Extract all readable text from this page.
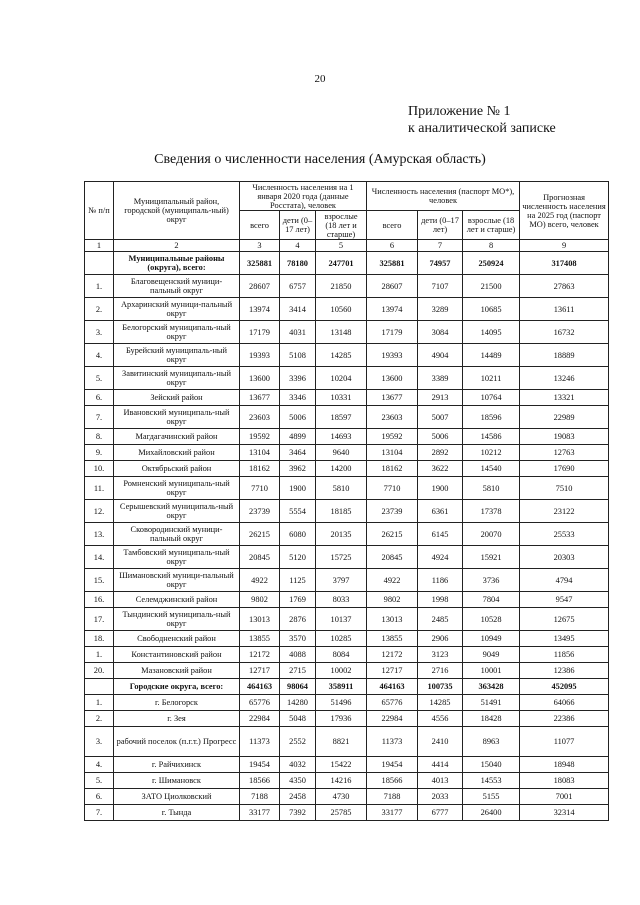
20
Приложение № 1
к аналитической записке
Сведения о численности населения (Амурская область)
№ п/п	Муниципальный район, городской (муниципаль-ный) округ	Численность населения на 1 января 2020 года (данные Росстата), человек			Численность населения (паспорт МО*), человек			Прогнозная численность населения на 2025 год (паспорт МО) всего, человек
		всего	дети (0–17 лет)	взрослые (18 лет и старше)	всего	дети (0–17 лет)	взрослые (18 лет и старше)	
1	2	3	4	5	6	7	8	9
	Муниципальные районы (округа), всего:	325881	78180	247701	325881	74957	250924	317408
1.	Благовещенский муници-пальный округ	28607	6757	21850	28607	7107	21500	27863
2.	Архаринский муници-пальный округ	13974	3414	10560	13974	3289	10685	13611
3.	Белогорский муниципаль-ный округ	17179	4031	13148	17179	3084	14095	16732
4.	Бурейский муниципаль-ный округ	19393	5108	14285	19393	4904	14489	18889
5.	Завитинский муниципаль-ный округ	13600	3396	10204	13600	3389	10211	13246
6.	Зейский район	13677	3346	10331	13677	2913	10764	13321
7.	Ивановский муниципаль-ный округ	23603	5006	18597	23603	5007	18596	22989
8.	Магдагачинский район	19592	4899	14693	19592	5006	14586	19083
9.	Михайловский район	13104	3464	9640	13104	2892	10212	12763
10.	Октябрьский район	18162	3962	14200	18162	3622	14540	17690
11.	Ромненский муниципаль-ный округ	7710	1900	5810	7710	1900	5810	7510
12.	Серышевский муниципаль-ный округ	23739	5554	18185	23739	6361	17378	23122
13.	Сковородинский муници-пальный округ	26215	6080	20135	26215	6145	20070	25533
14.	Тамбовский муниципаль-ный округ	20845	5120	15725	20845	4924	15921	20303
15.	Шимановский муници-пальный округ	4922	1125	3797	4922	1186	3736	4794
16.	Селемджинский район	9802	1769	8033	9802	1998	7804	9547
17.	Тындинский муниципаль-ный округ	13013	2876	10137	13013	2485	10528	12675
18.	Свободненский район	13855	3570	10285	13855	2906	10949	13495
1.	Константиновский район	12172	4088	8084	12172	3123	9049	11856
20.	Мазановский район	12717	2715	10002	12717	2716	10001	12386
	Городские округа, всего:	464163	98064	358911	464163	100735	363428	452095
1.	г. Белогорск	65776	14280	51496	65776	14285	51491	64066
2.	г. Зея	22984	5048	17936	22984	4556	18428	22386
3.	рабочий поселок (п.г.т.) Прогресс	11373	2552	8821	11373	2410	8963	11077
4.	г. Райчихинск	19454	4032	15422	19454	4414	15040	18948
5.	г. Шимановск	18566	4350	14216	18566	4013	14553	18083
6.	ЗАТО Циолковский	7188	2458	4730	7188	2033	5155	7001
7.	г. Тында	33177	7392	25785	33177	6777	26400	32314
